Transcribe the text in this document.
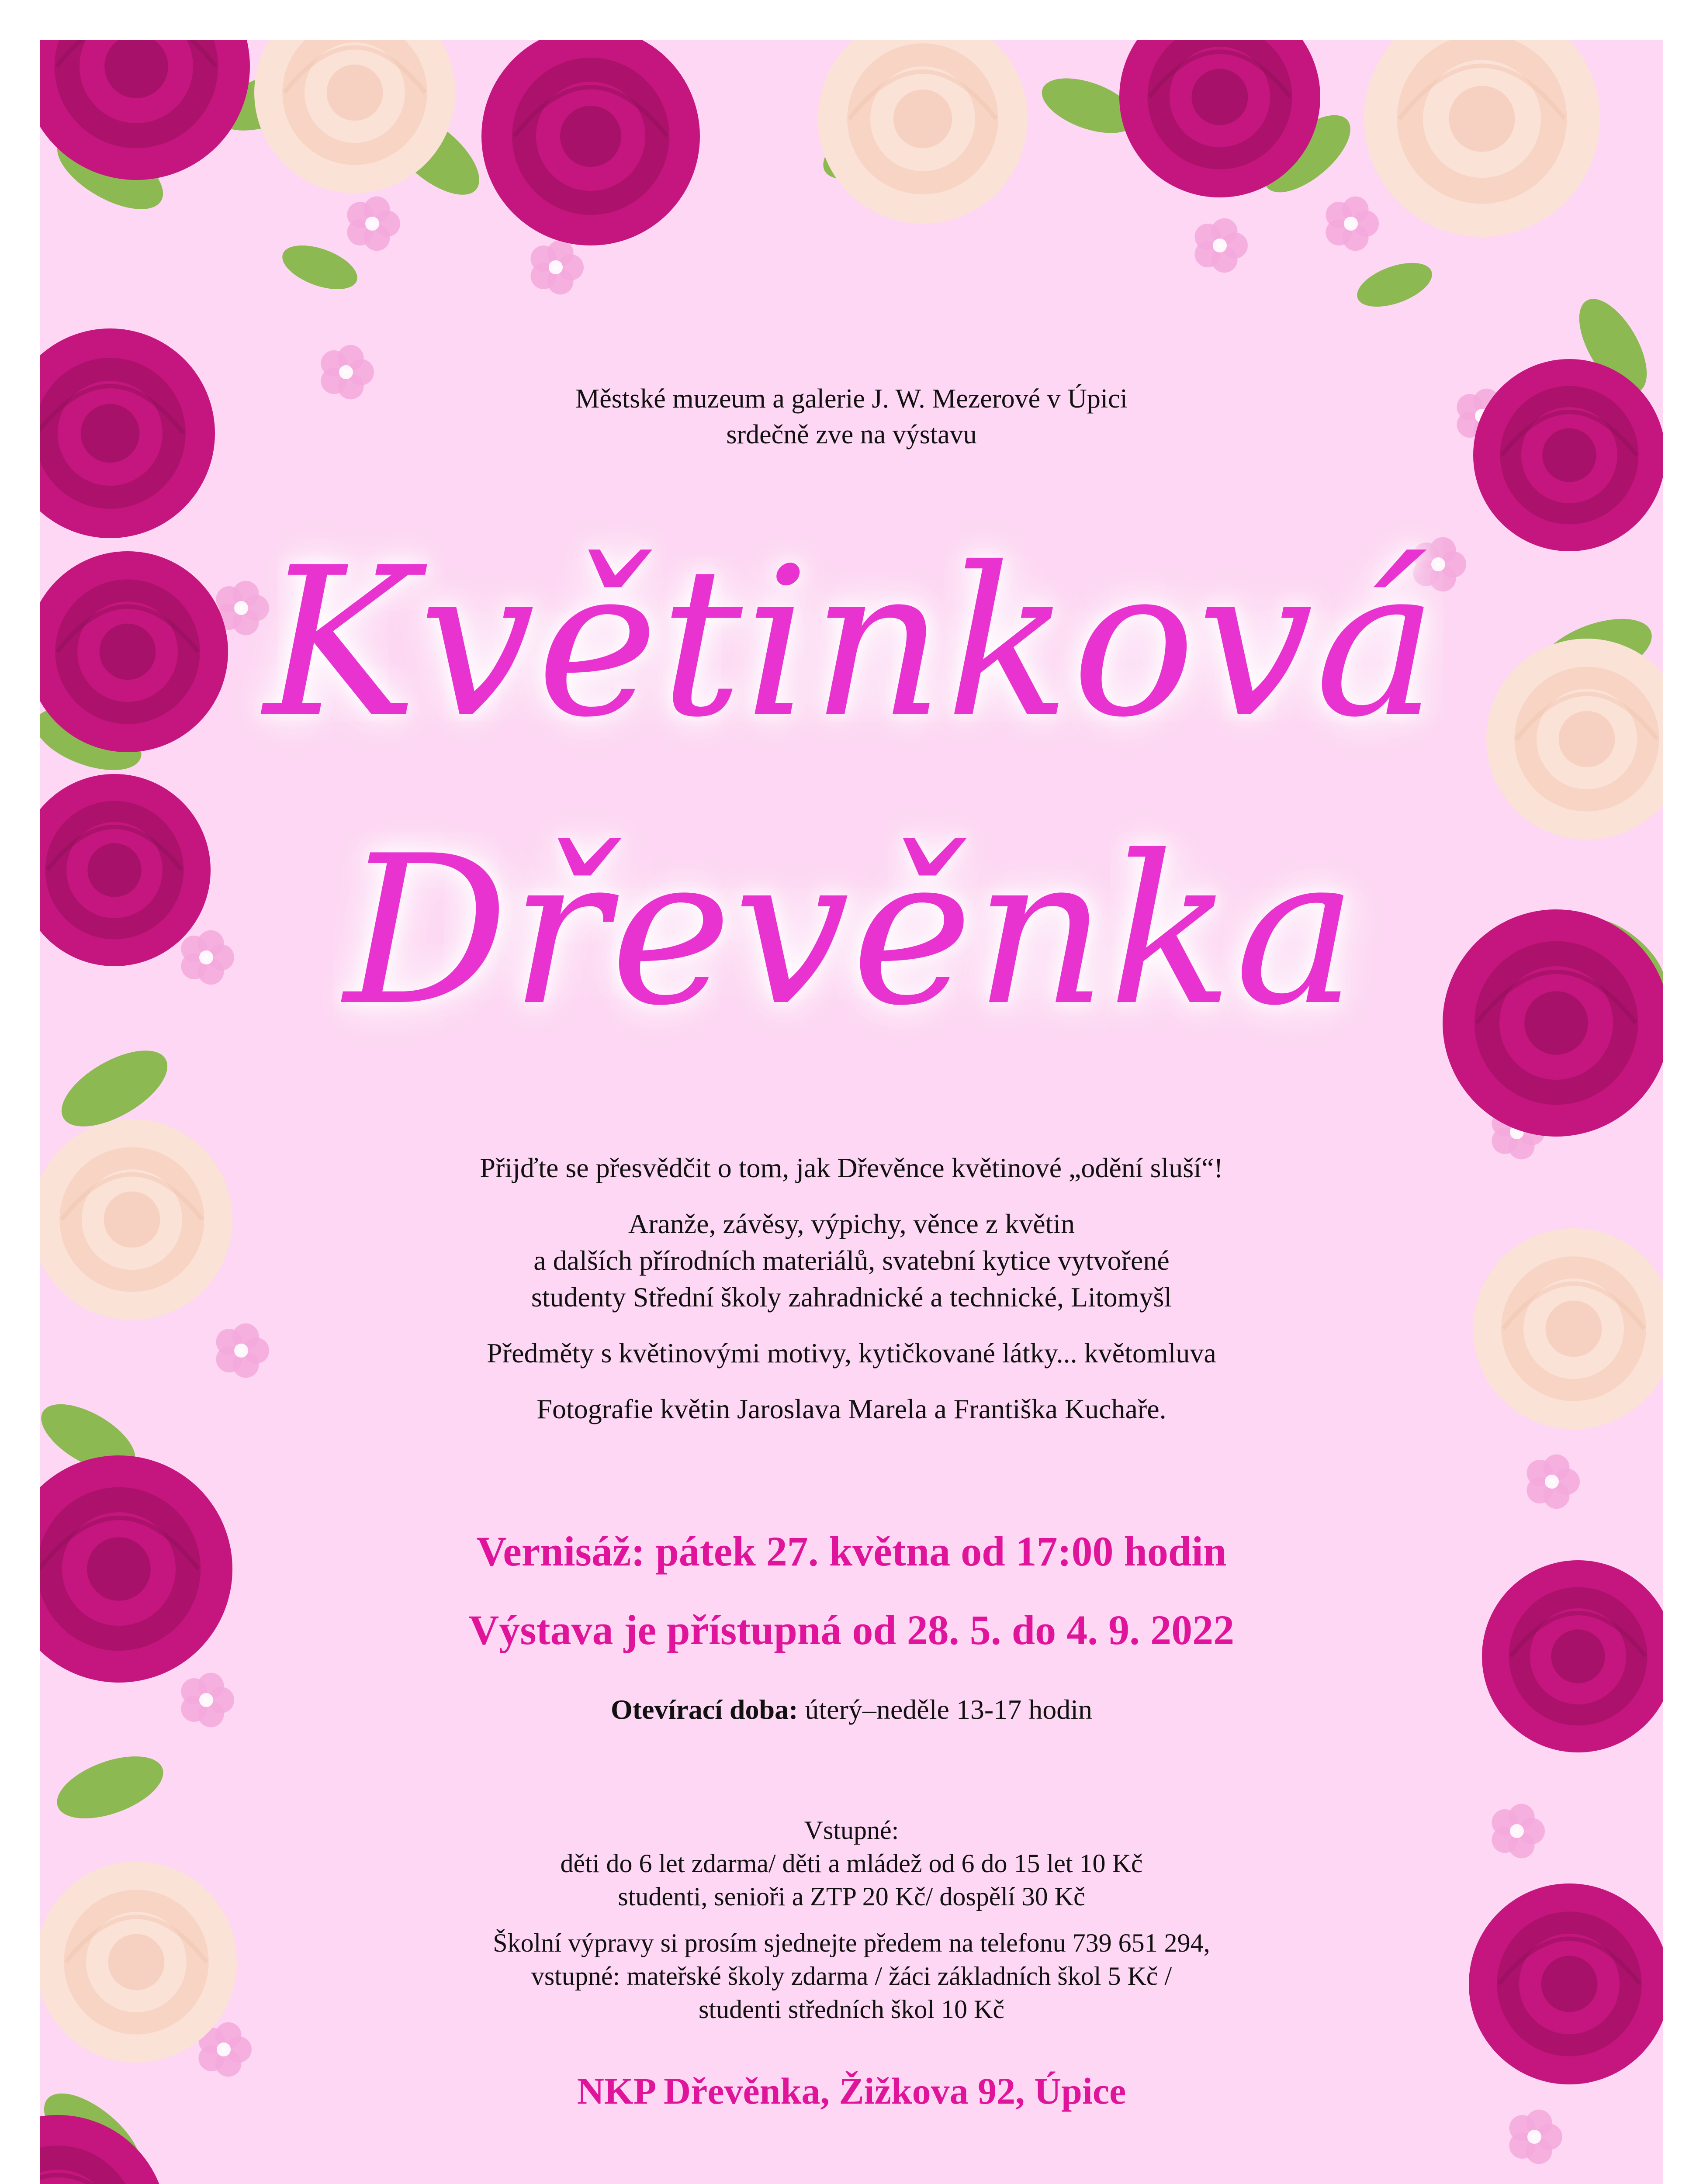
Městské muzeum a galerie J. W. Mezerové v Úpici
srdečně zve na výstavu
Květinková
Dřevěnka

Přijďte se přesvědčit o tom, jak Dřevěnce květinové „odění sluší“!

Aranže, závěsy, výpichy, věnce z květin
a dalších přírodních materiálů, svatební kytice vytvořené
studenty Střední školy zahradnické a technické, Litomyšl

Předměty s květinovými motivy, kytičkované látky... květomluva

Fotografie květin Jaroslava Marela a Františka Kuchaře.

Vernisáž: pátek 27. května od 17:00 hodin
Výstava je přístupná od 28. 5. do 4. 9. 2022
Otevírací doba: úterý–neděle 13-17 hodin

Vstupné:
děti do 6 let zdarma/ děti a mládež od 6 do 15 let 10 Kč
studenti, senioři a ZTP 20 Kč/ dospělí 30 Kč

Školní výpravy si prosím sjednejte předem na telefonu 739 651 294,
vstupné: mateřské školy zdarma / žáci základních škol 5 Kč /
studenti středních škol 10 Kč

NKP Dřevěnka, Žižkova 92, Úpice
